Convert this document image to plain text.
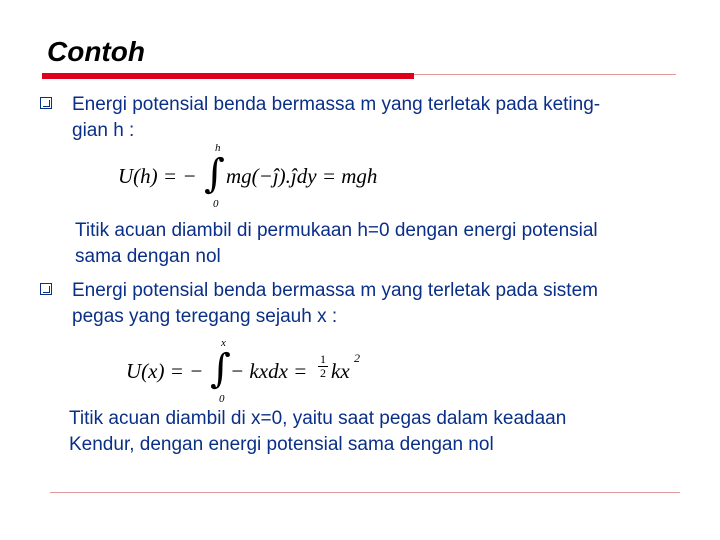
Contoh
Energi potensial benda bermassa m yang terletak pada keting-
gian h :
U(h) = − ∫
h
0
mg(−ĵ).ĵdy = mgh
Titik acuan diambil di permukaan h=0 dengan energi potensial
sama dengan nol
Energi potensial benda bermassa m yang terletak pada sistem
pegas yang teregang sejauh x :
U(x) = − ∫
x
0
− kxdx = $\frac{1}{2}$ kx
2
Titik acuan diambil di x=0, yaitu saat pegas dalam keadaan
Kendur, dengan energi potensial sama dengan nol
